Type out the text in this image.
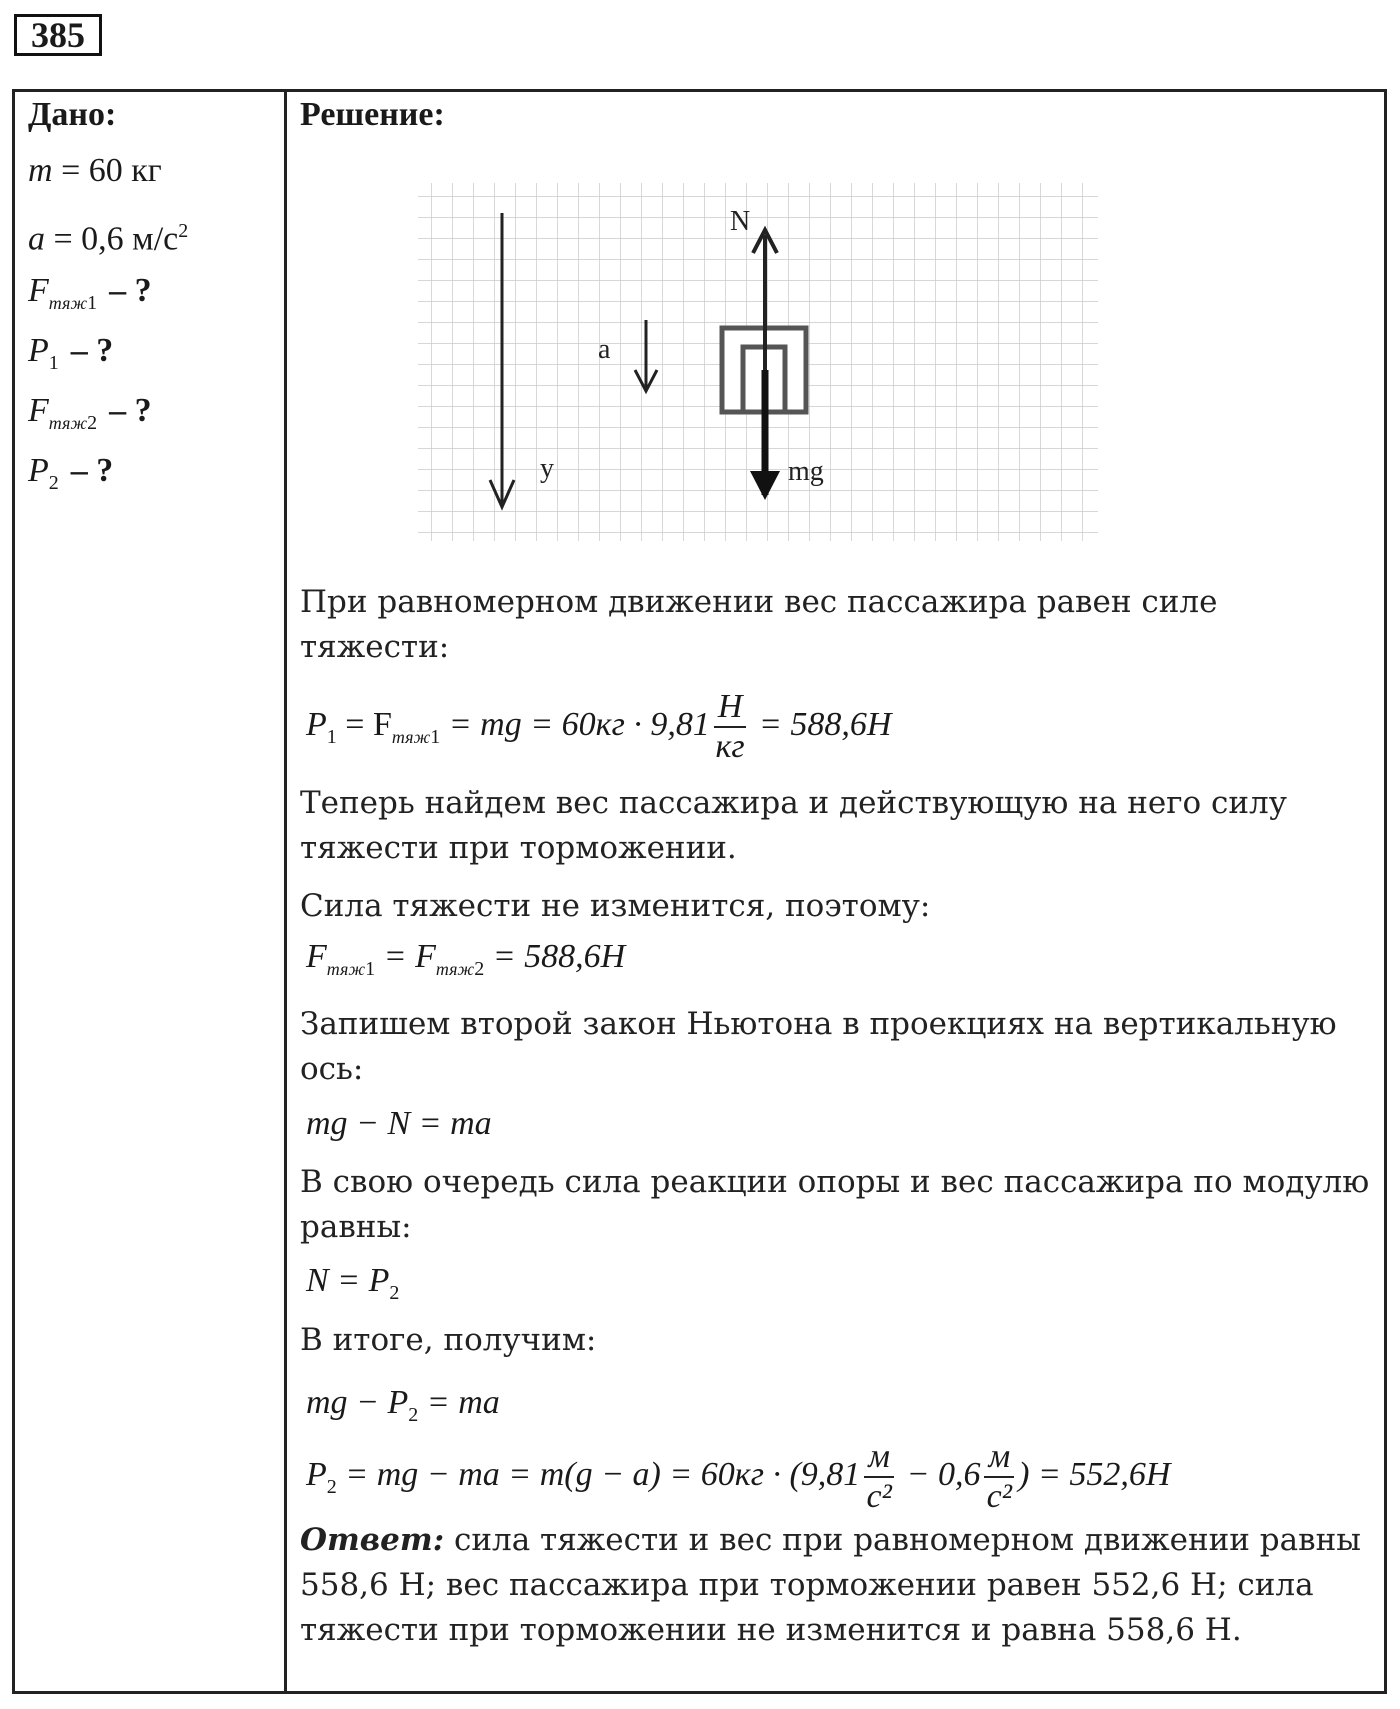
385
Дано:
m = 60 кг
a = 0,6 $м/с^2$
$F_{тяж1}$ – ?
$P_1$ – ?
$F_{тяж2}$ – ?
$P_2$ – ?
Решение:
y
a
N
mg
При равномерном движении вес пассажира равен силе тяжести:
$P_1 = F_{тяж1}$ = mg = $60кг \cdot 9,81 \frac{Н}{кг} = 588,6Н$
Теперь найдем вес пассажира и действующую на него силу тяжести при торможении.
Сила тяжести не изменится, поэтому:
$F_{тяж1} = F_{тяж2} = 588,6Н$
Запишем второй закон Ньютона в проекциях на вертикальную ось:
mg − N = ma
В свою очередь сила реакции опоры и вес пассажира по модулю равны:
$N = P_2$
В итоге, получим:
mg − $P_2$ = ma
$P_2$ = mg − ma = $m(g - a) = 60кг \cdot (9,81 \frac{м}{\text{с²}} - 0,6 \frac{м}{\text{с²}}$ ) = 552,6Н
Ответ: сила тяжести и вес при равномерном движении равны 558,6 Н; вес пассажира при торможении равен 552,6 Н; сила тяжести при торможении не изменится и равна 558,6 Н.
